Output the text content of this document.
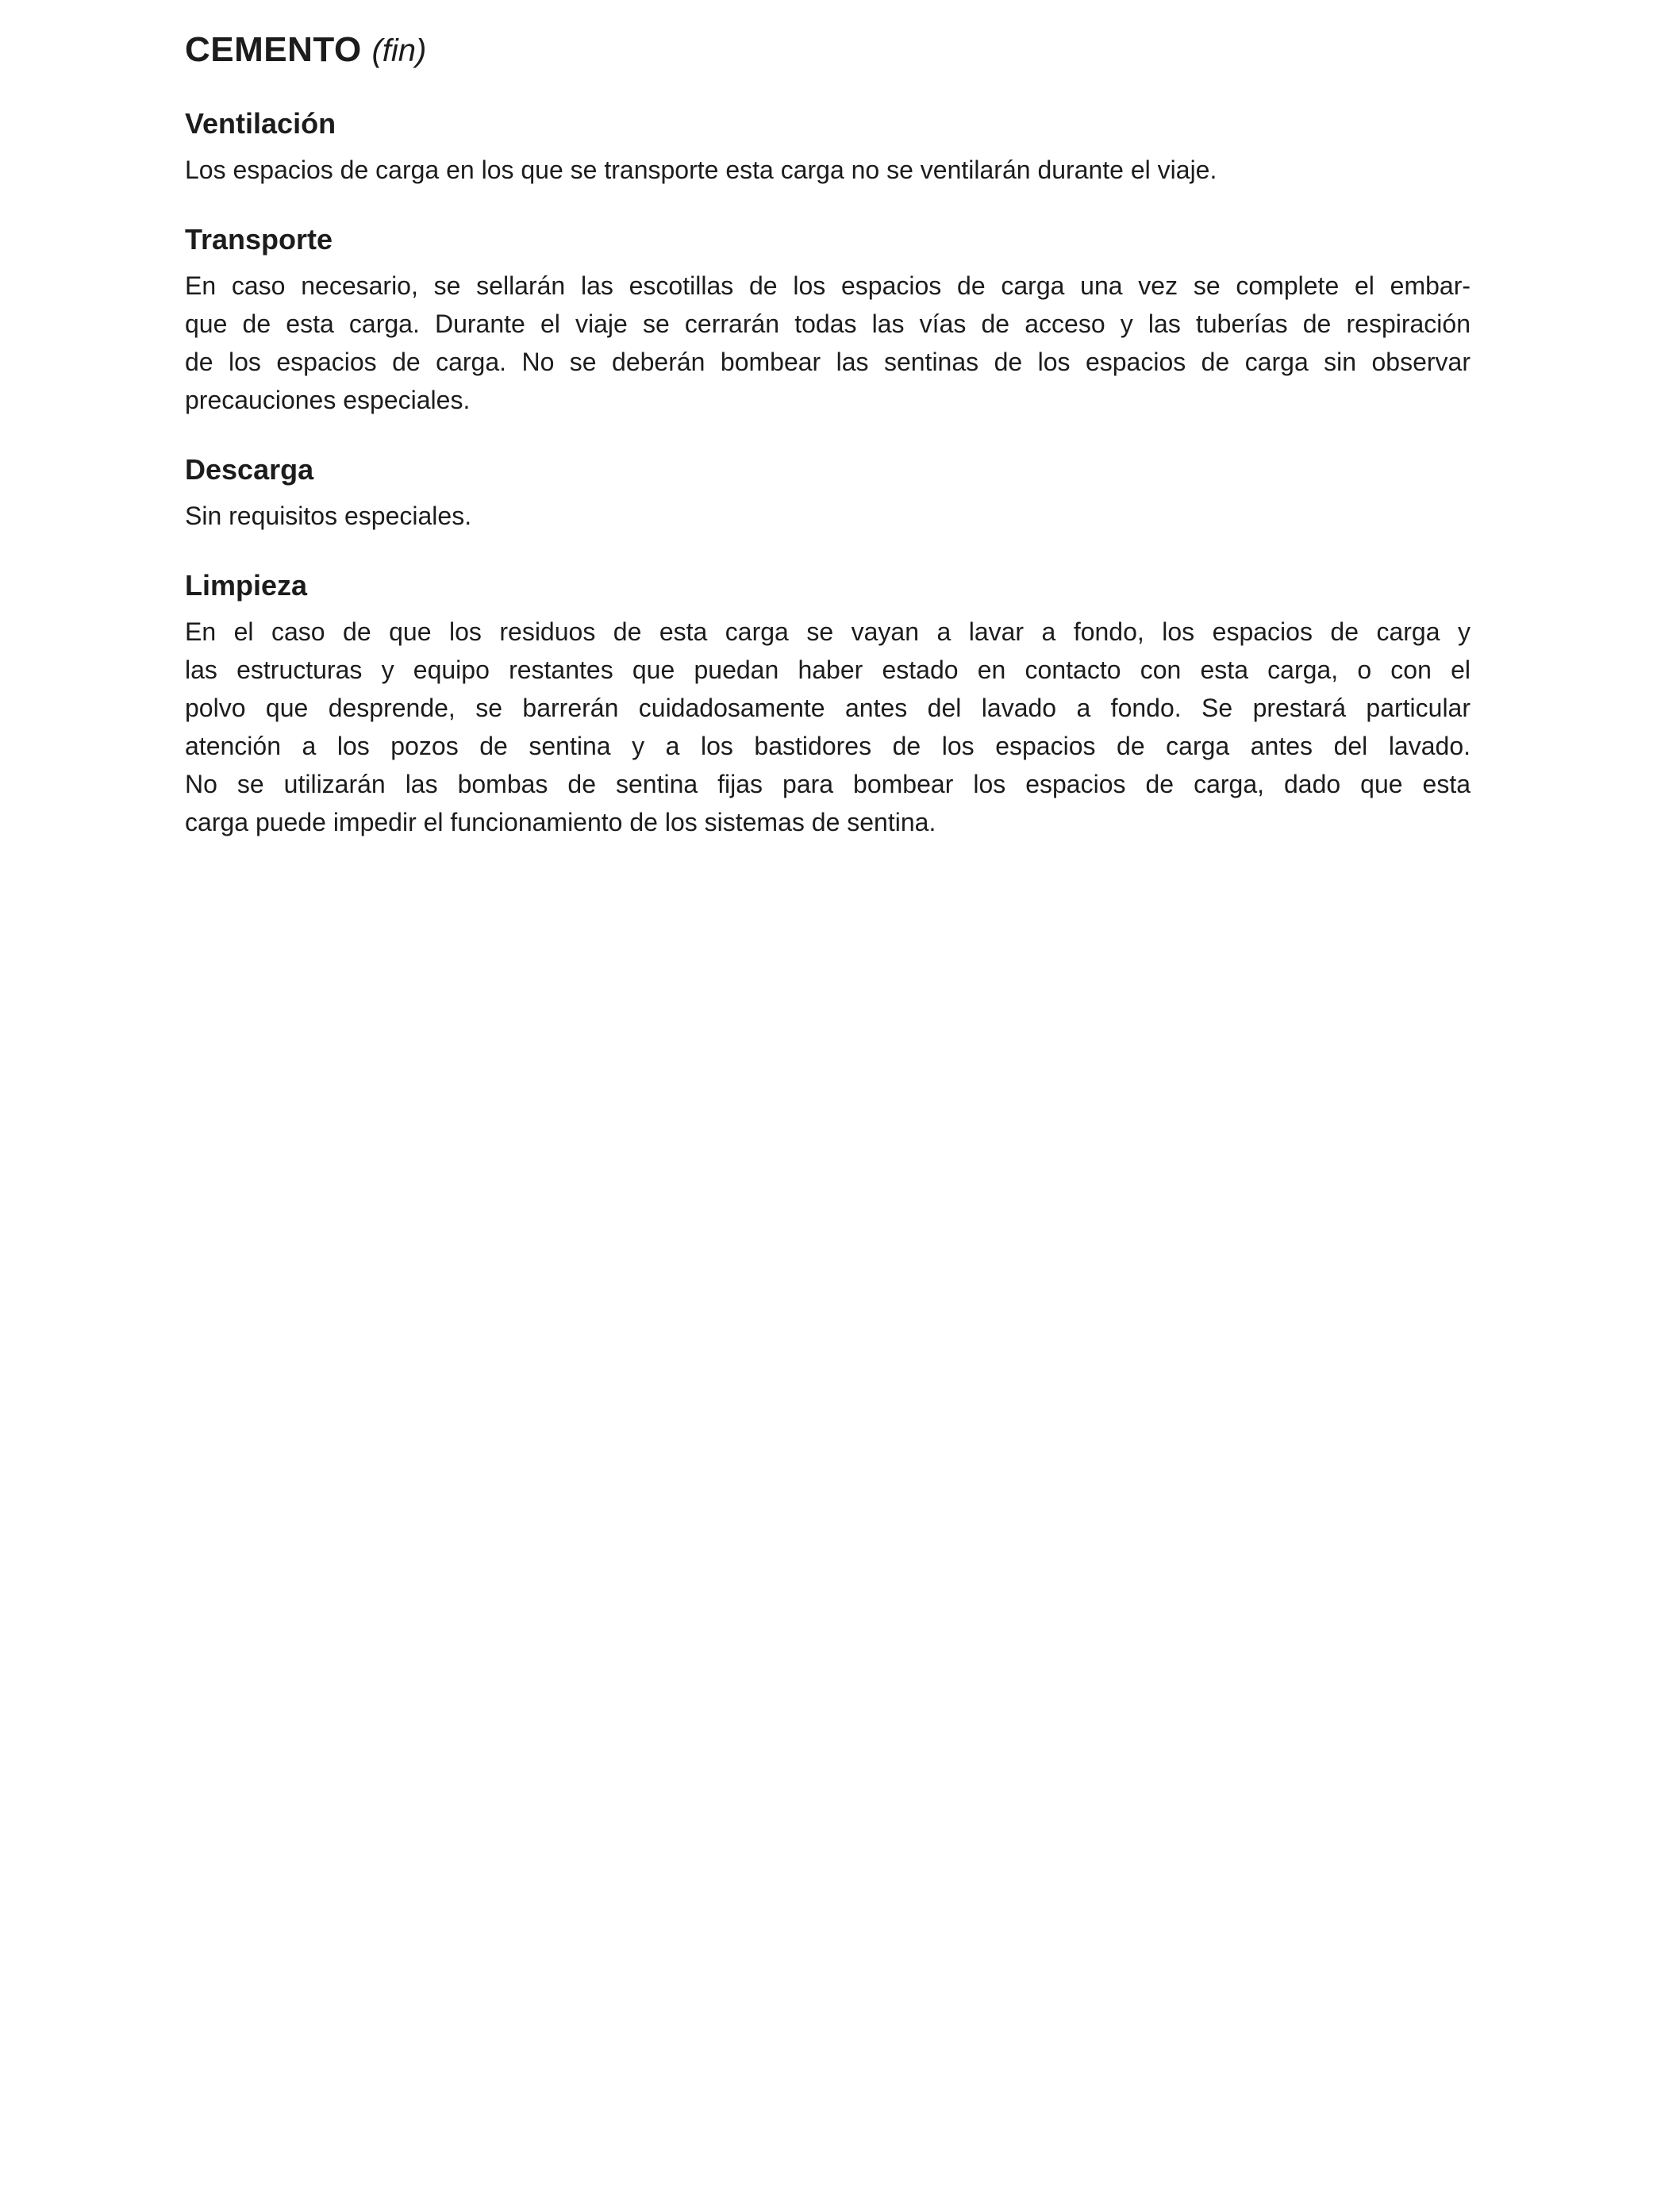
CEMENTO (fin)
Ventilación
Los espacios de carga en los que se transporte esta carga no se ventilarán durante el viaje.
Transporte
En caso necesario, se sellarán las escotillas de los espacios de carga una vez se complete el embar-
que de esta carga. Durante el viaje se cerrarán todas las vías de acceso y las tuberías de respiración
de los espacios de carga. No se deberán bombear las sentinas de los espacios de carga sin observar
precauciones especiales.
Descarga
Sin requisitos especiales.
Limpieza
En el caso de que los residuos de esta carga se vayan a lavar a fondo, los espacios de carga y
las estructuras y equipo restantes que puedan haber estado en contacto con esta carga, o con el
polvo que desprende, se barrerán cuidadosamente antes del lavado a fondo. Se prestará particular
atención a los pozos de sentina y a los bastidores de los espacios de carga antes del lavado.
No se utilizarán las bombas de sentina fijas para bombear los espacios de carga, dado que esta
carga puede impedir el funcionamiento de los sistemas de sentina.
